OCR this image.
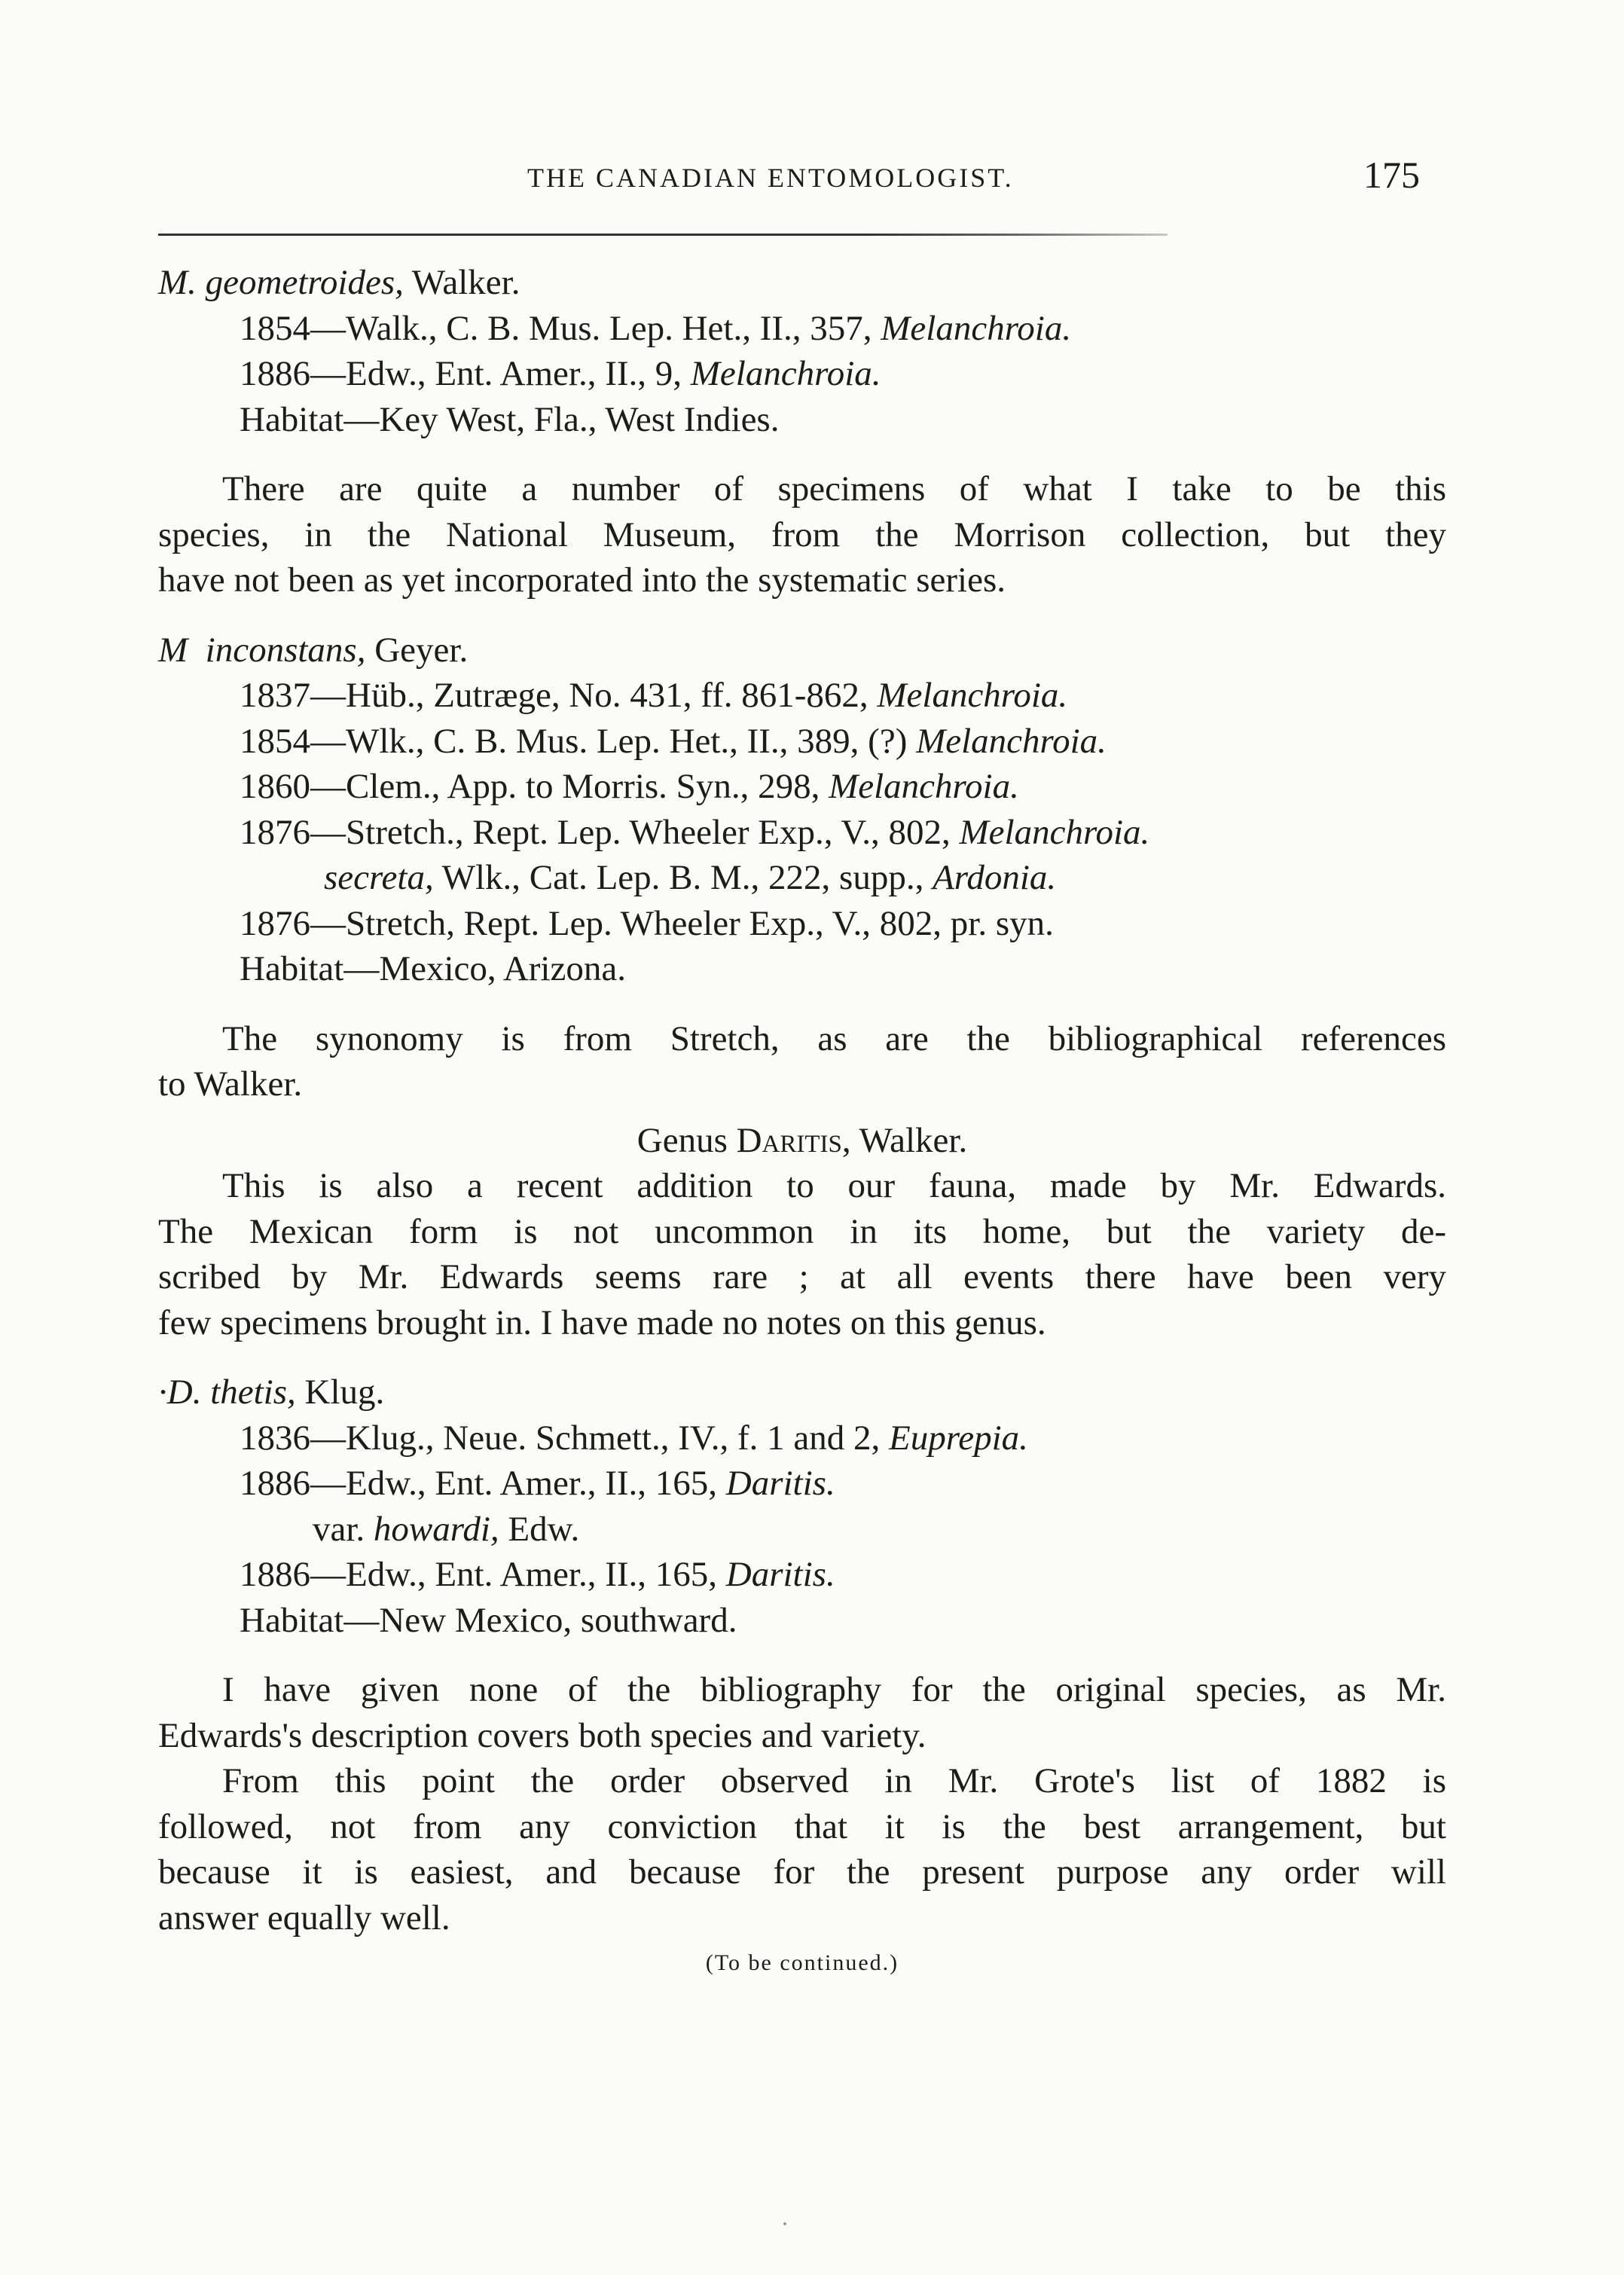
THE CANADIAN ENTOMOLOGIST.	175
M. geometroides, Walker.
1854—Walk., C. B. Mus. Lep. Het., II., 357, Melanchroia.
1886—Edw., Ent. Amer., II., 9, Melanchroia.
Habitat—Key West, Fla., West Indies.
There are quite a number of specimens of what I take to be this
species, in the National Museum, from the Morrison collection, but they
have not been as yet incorporated into the systematic series.
M inconstans, Geyer.
1837—Hüb., Zutræge, No. 431, ff. 861-862, Melanchroia.
1854—Wlk., C. B. Mus. Lep. Het., II., 389, (?) Melanchroia.
1860—Clem., App. to Morris. Syn., 298, Melanchroia.
1876—Stretch., Rept. Lep. Wheeler Exp., V., 802, Melanchroia.
secreta, Wlk., Cat. Lep. B. M., 222, supp., Ardonia.
1876—Stretch, Rept. Lep. Wheeler Exp., V., 802, pr. syn.
Habitat—Mexico, Arizona.
The synonomy is from Stretch, as are the bibliographical references
to Walker.
Genus Daritis, Walker.
This is also a recent addition to our fauna, made by Mr. Edwards.
The Mexican form is not uncommon in its home, but the variety de-
scribed by Mr. Edwards seems rare ; at all events there have been very
few specimens brought in. I have made no notes on this genus.
·D. thetis, Klug.
1836—Klug., Neue. Schmett., IV., f. 1 and 2, Euprepia.
1886—Edw., Ent. Amer., II., 165, Daritis.
var. howardi, Edw.
1886—Edw., Ent. Amer., II., 165, Daritis.
Habitat—New Mexico, southward.
I have given none of the bibliography for the original species, as Mr.
Edwards's description covers both species and variety.
From this point the order observed in Mr. Grote's list of 1882 is
followed, not from any conviction that it is the best arrangement, but
because it is easiest, and because for the present purpose any order will
answer equally well.
(To be continued.)
